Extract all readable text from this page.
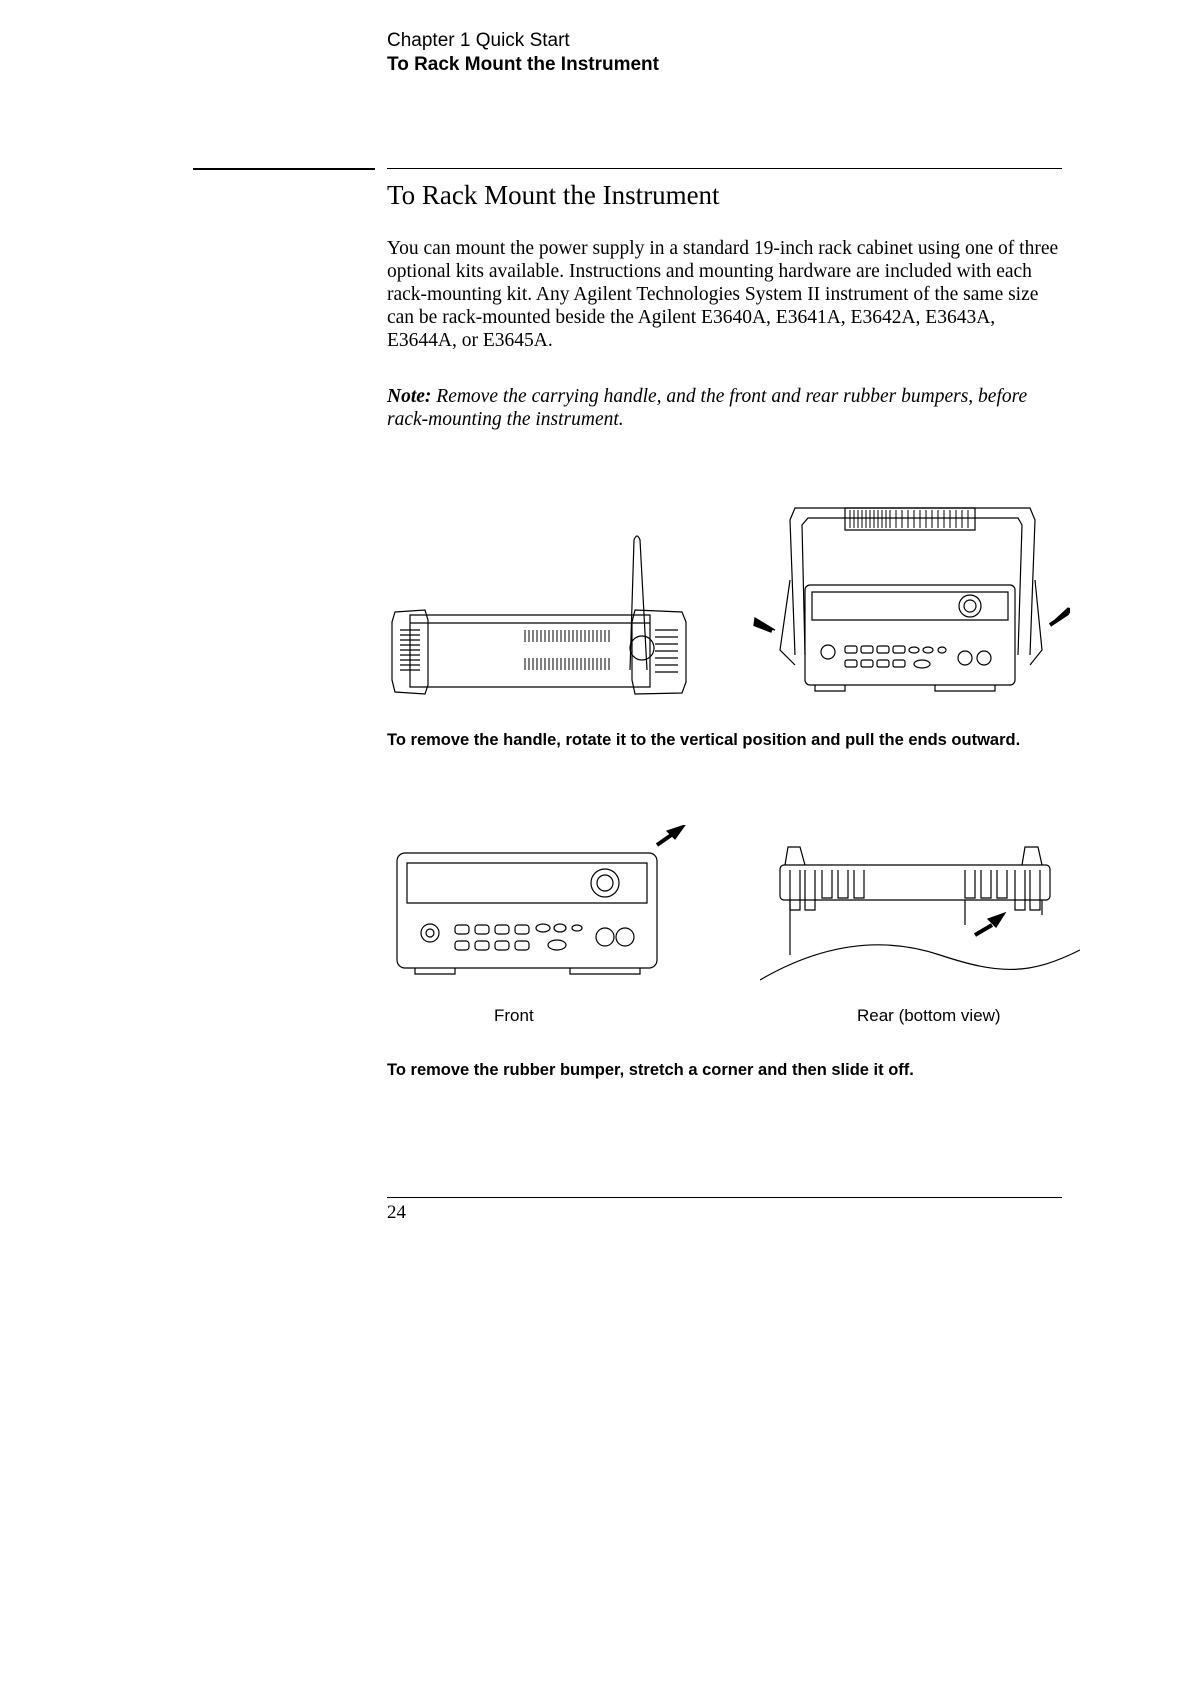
Chapter 1 Quick Start
To Rack Mount the Instrument
To Rack Mount the Instrument
You can mount the power supply in a standard 19-inch rack cabinet using one of three optional kits available. Instructions and mounting hardware are included with each rack-mounting kit. Any Agilent Technologies System II instrument of the same size can be rack-mounted beside the Agilent E3640A, E3641A, E3642A, E3643A, E3644A, or E3645A.
Note: Remove the carrying handle, and the front and rear rubber bumpers, before rack-mounting the instrument.
To remove the handle, rotate it to the vertical position and pull the ends outward.
Front	Rear (bottom view)
To remove the rubber bumper, stretch a corner and then slide it off.
24
